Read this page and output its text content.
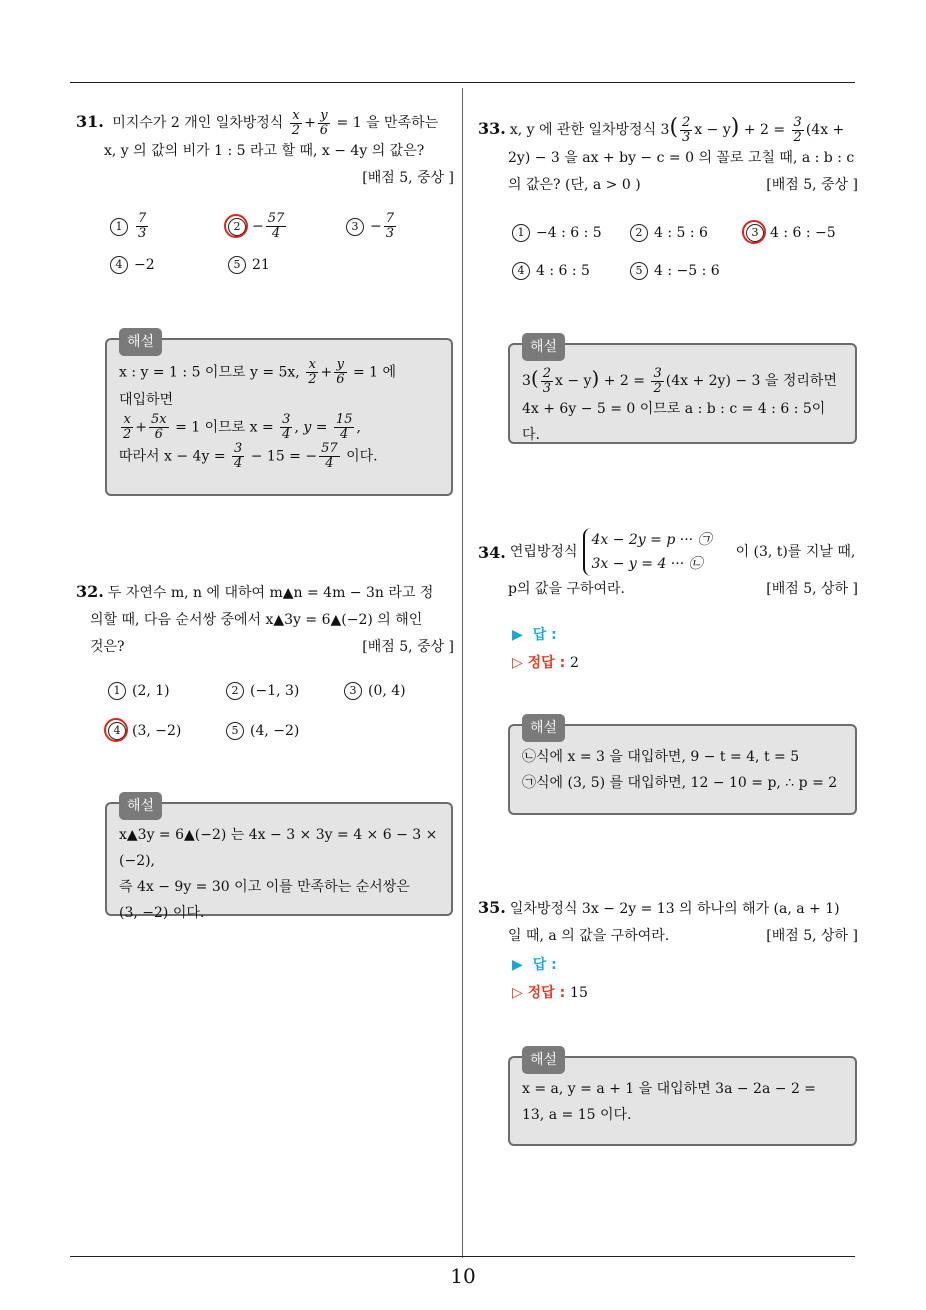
31. 미지수가 2 개인 일차방정식 $\frac{x}{2} + \frac{y}{6} = 1$ 을 만족하는
x, y 의 값의 비가 1 : 5 라고 할 때, x − 4y 의 값은?
[배점 5, 중상 ]
$1 \frac{7}{3}$	$2 - \frac{57}{4}$	$3 - \frac{7}{3}$
4 −2	5 21
해설
x : y = 1 : 5 이므로 y = 5x, $\frac{x}{2} + \frac{y}{6} = 1$ 에
대입하면
$\frac{x}{2} + \frac{5x}{6} = 1$ 이므로 $x = \frac{3}{4}$ , $y = \frac{15}{4}$ ,
따라서 $x - 4y = \frac{3}{4} - 15$ = − $\frac{57}{4}$ 이다.
32. 두 자연수 m, n 에 대하여 m▲n = 4m − 3n 라고 정
의할 때, 다음 순서쌍 중에서 x▲3y = 6▲(−2) 의 해인
것은?	[배점 5, 중상 ]
1 (2, 1)	2 (−1, 3)	3 (0, 4)
4 (3, −2)	5 (4, −2)
해설
x▲3y = 6▲(−2) 는 4x − 3 × 3y = 4 × 6 − 3 × (−2),
즉 4x − 9y = 30 이고 이를 만족하는 순서쌍은
(3, −2) 이다.
33. x, y 에 관한 일차방정식 $3( \frac{2}{3}$ $x - y) + 2 = \frac{3}{2} (4x$ +
2y) − 3 을 ax + by − c = 0 의 꼴로 고칠 때, a : b : c
의 값은? (단, a > 0 )	[배점 5, 중상 ]
1 −4 : 6 : 5	2 4 : 5 : 6	3 4 : 6 : −5
4 4 : 6 : 5	5 4 : −5 : 6
해설
$3( \frac{2}{3}$ $x - y) + 2 = \frac{3}{2} (4x + 2y) - 3$ 을 정리하면
4x + 6y − 5 = 0 이므로 a : b : c = 4 : 6 : 5이다.
34. 연립방정식
4x − 2y = p ··· ㉠
3x − y = 4 ··· ㉡
이 (3, t)를 지날 때,
p의 값을 구하여라.	[배점 5, 상하 ]
▶ 답 :
▷ 정답 : 2
해설
㉡식에 x = 3 을 대입하면, 9 − t = 4, t = 5
㉠식에 (3, 5) 를 대입하면, 12 − 10 = p, ∴ p = 2
35. 일차방정식 3x − 2y = 13 의 하나의 해가 (a, a + 1)
일 때, a 의 값을 구하여라.	[배점 5, 상하 ]
▶ 답 :
▷ 정답 : 15
해설
x = a, y = a + 1 을 대입하면 3a − 2a − 2 =
13, a = 15 이다.
10
